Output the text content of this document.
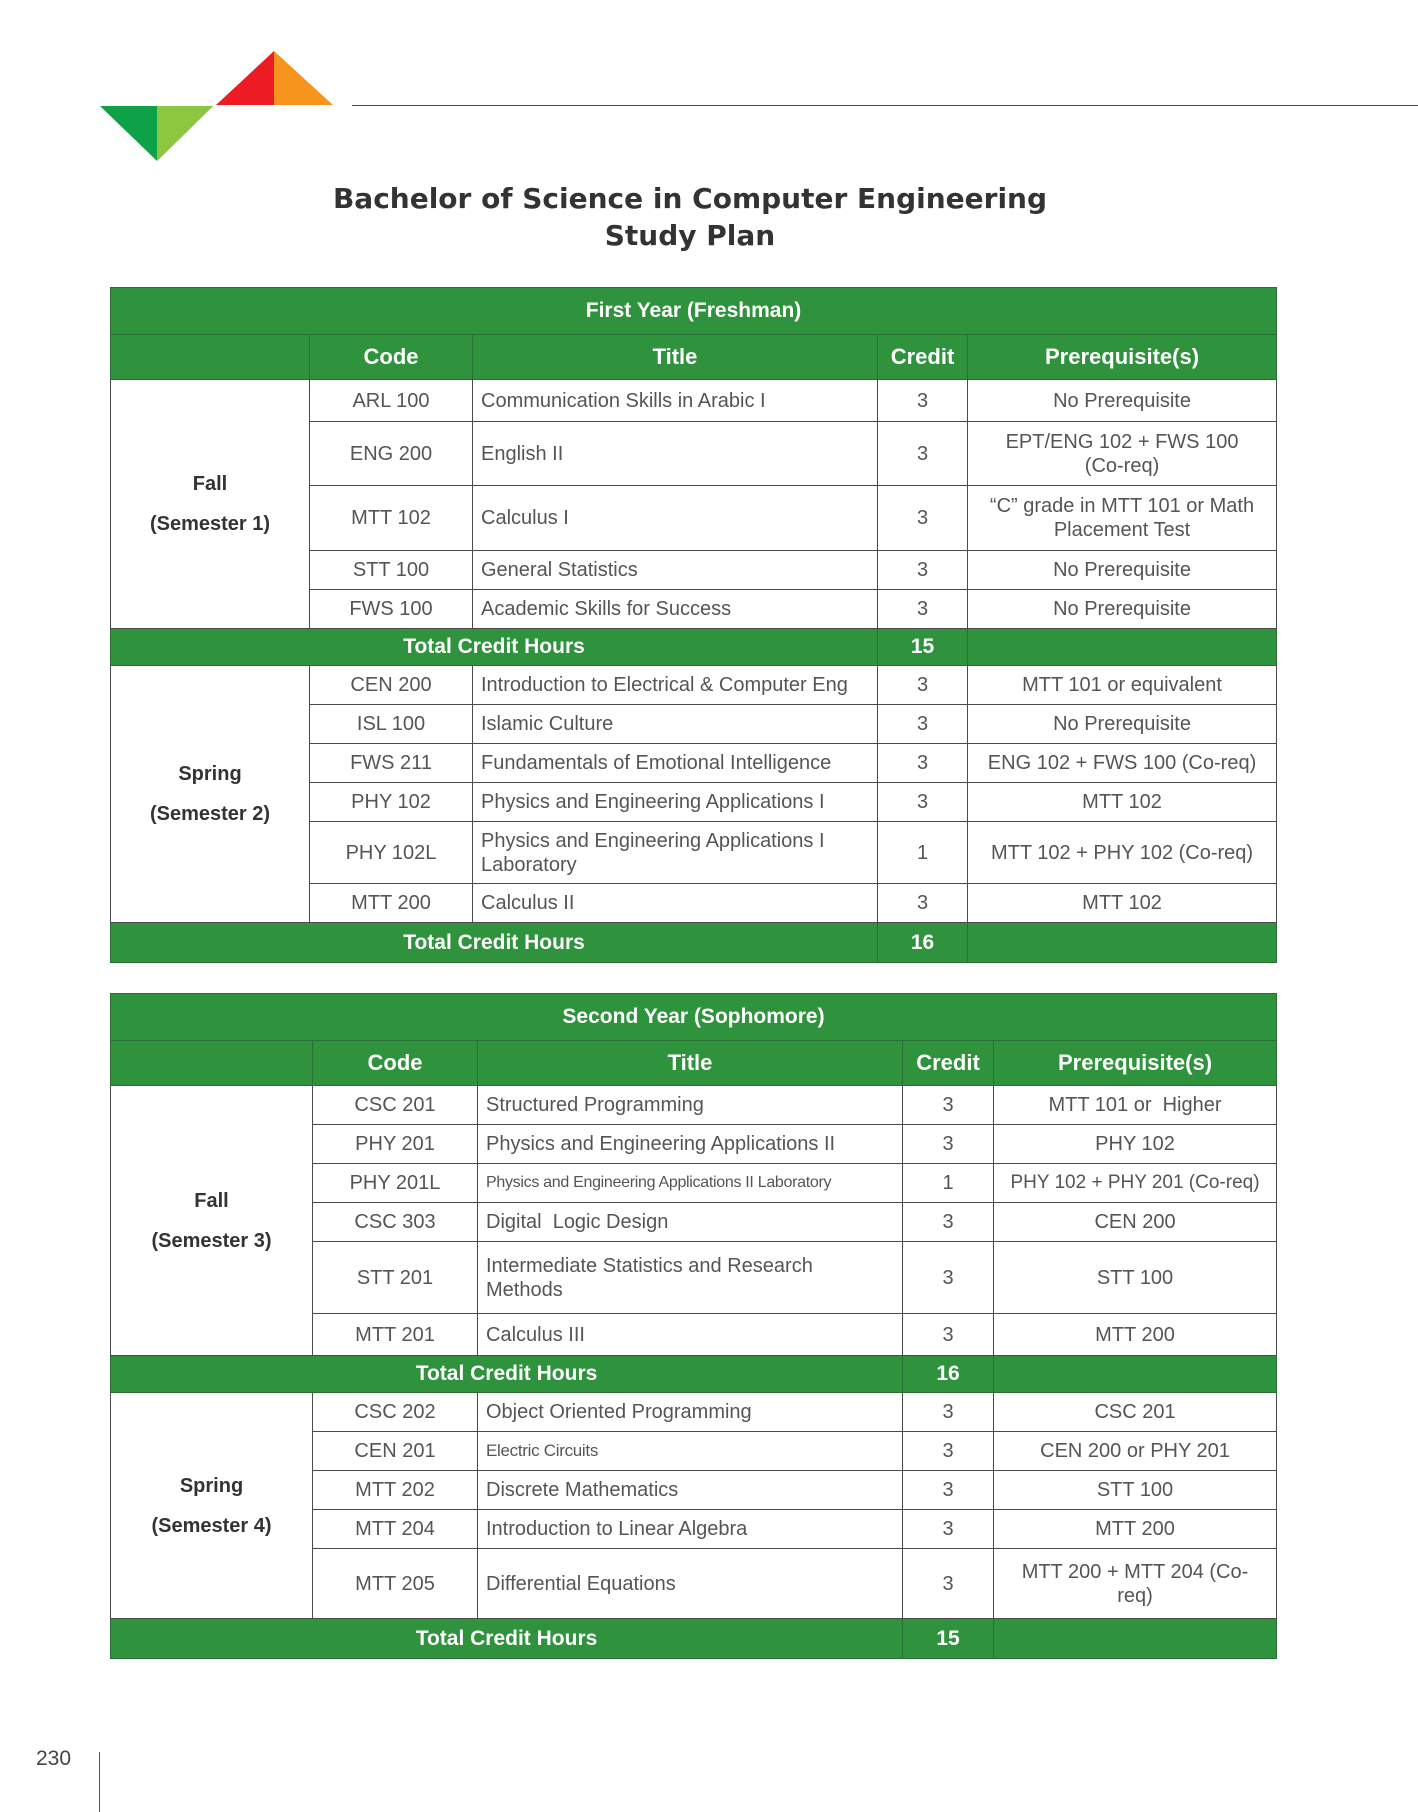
Bachelor of Science in Computer Engineering
Study Plan
First Year (Freshman)				
	Code	Title	Credit	Prerequisite(s)

Fall
(Semester 1)	ARL 100	Communication Skills in Arabic I	3	No Prerequisite
	ENG 200	English II	3	EPT/ENG 102 + FWS 100 (Co-req)
	MTT 102	Calculus I	3	“C” grade in MTT 101 or Math Placement Test
	STT 100	General Statistics	3	No Prerequisite
	FWS 100	Academic Skills for Success	3	No Prerequisite
Total Credit Hours			15	

Spring
(Semester 2)	CEN 200	Introduction to Electrical & Computer Eng	3	MTT 101 or equivalent
	ISL 100	Islamic Culture	3	No Prerequisite
	FWS 211	Fundamentals of Emotional Intelligence	3	ENG 102 + FWS 100 (Co-req)
	PHY 102	Physics and Engineering Applications I	3	MTT 102
	PHY 102L	Physics and Engineering Applications I Laboratory	1	MTT 102 + PHY 102 (Co-req)
	MTT 200	Calculus II	3	MTT 102
Total Credit Hours			16	
Second Year (Sophomore)				
	Code	Title	Credit	Prerequisite(s)

Fall
(Semester 3)	CSC 201	Structured Programming	3	MTT 101 or  Higher
	PHY 201	Physics and Engineering Applications II	3	PHY 102
	PHY 201L	Physics and Engineering Applications II Laboratory	1	PHY 102 + PHY 201 (Co-req)
	CSC 303	Digital  Logic Design	3	CEN 200
	STT 201	Intermediate Statistics and Research Methods	3	STT 100
	MTT 201	Calculus III	3	MTT 200
Total Credit Hours			16	

Spring
(Semester 4)	CSC 202	Object Oriented Programming	3	CSC 201
	CEN 201	Electric Circuits	3	CEN 200 or PHY 201
	MTT 202	Discrete Mathematics	3	STT 100
	MTT 204	Introduction to Linear Algebra	3	MTT 200
	MTT 205	Differential Equations	3	MTT 200 + MTT 204 (Co-req)
Total Credit Hours			15	
230
